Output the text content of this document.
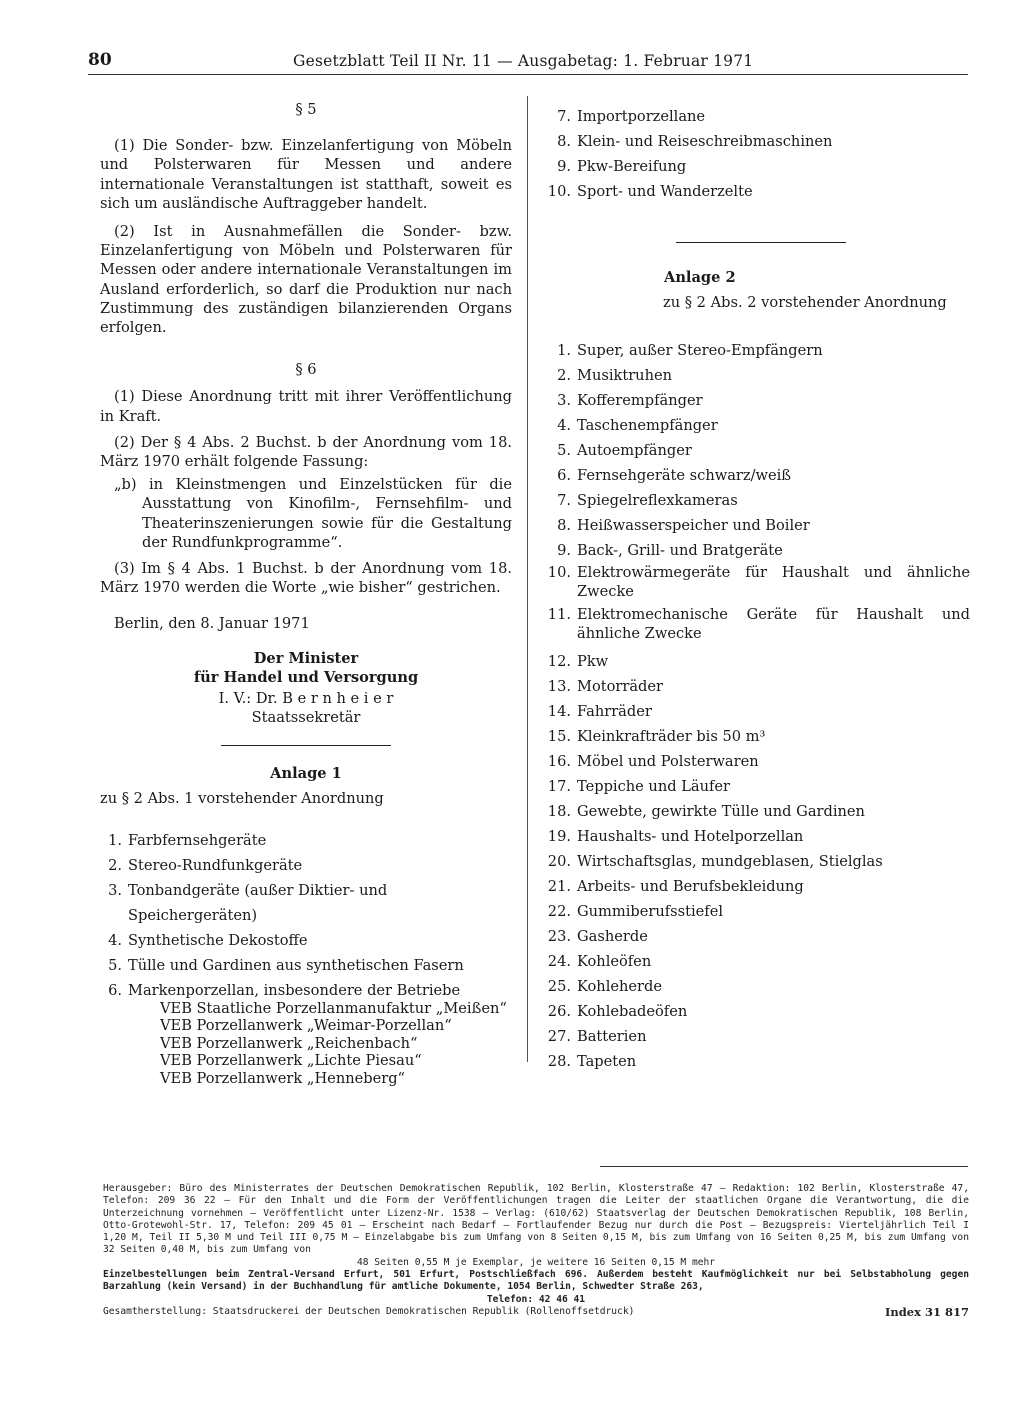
80	Gesetzblatt Teil II Nr. 11 — Ausgabetag: 1. Februar 1971
§ 5

(1) Die Sonder- bzw. Einzelanfertigung von Möbeln und Polsterwaren für Messen und andere internationale Veranstaltungen ist statthaft, soweit es sich um ausländische Auftraggeber handelt.

(2) Ist in Ausnahmefällen die Sonder- bzw. Einzelanfertigung von Möbeln und Polsterwaren für Messen oder andere internationale Veranstaltungen im Ausland erforderlich, so darf die Produktion nur nach Zustimmung des zuständigen bilanzierenden Organs erfolgen.

§ 6

(1) Diese Anordnung tritt mit ihrer Veröffentlichung in Kraft.

(2) Der § 4 Abs. 2 Buchst. b der Anordnung vom 18. März 1970 erhält folgende Fassung:

„b) in Kleinstmengen und Einzelstücken für die Ausstattung von Kinofilm-, Fernsehfilm- und Theaterinszenierungen sowie für die Gestaltung der Rundfunkprogramme“.

(3) Im § 4 Abs. 1 Buchst. b der Anordnung vom 18. März 1970 werden die Worte „wie bisher“ gestrichen.

Berlin, den 8. Januar 1971

Der Minister
für Handel und Versorgung
I. V.: Dr. B e r n h e i e r
Staatssekretär
Anlage 1
zu § 2 Abs. 1 vorstehender Anordnung
1. Farbfernsehgeräte
2. Stereo-Rundfunkgeräte
3. Tonbandgeräte (außer Diktier- und Speichergeräten)
4. Synthetische Dekostoffe
5. Tülle und Gardinen aus synthetischen Fasern
6. Markenporzellan, insbesondere der Betriebe
VEB Staatliche Porzellanmanufaktur „Meißen“
VEB Porzellanwerk „Weimar-Porzellan“
VEB Porzellanwerk „Reichenbach“
VEB Porzellanwerk „Lichte Piesau“
VEB Porzellanwerk „Henneberg“
7. Importporzellane
8. Klein- und Reiseschreibmaschinen
9. Pkw-Bereifung
10. Sport- und Wanderzelte
Anlage 2
zu § 2 Abs. 2 vorstehender Anordnung
1. Super, außer Stereo-Empfängern
2. Musiktruhen
3. Kofferempfänger
4. Taschenempfänger
5. Autoempfänger
6. Fernsehgeräte schwarz/weiß
7. Spiegelreflexkameras
8. Heißwasserspeicher und Boiler
9. Back-, Grill- und Bratgeräte
10. Elektrowärmegeräte für Haushalt und ähnliche Zwecke
11. Elektromechanische Geräte für Haushalt und ähnliche Zwecke
12. Pkw
13. Motorräder
14. Fahrräder
15. Kleinkrafträder bis 50 m³
16. Möbel und Polsterwaren
17. Teppiche und Läufer
18. Gewebte, gewirkte Tülle und Gardinen
19. Haushalts- und Hotelporzellan
20. Wirtschaftsglas, mundgeblasen, Stielglas
21. Arbeits- und Berufsbekleidung
22. Gummiberufsstiefel
23. Gasherde
24. Kohleöfen
25. Kohleherde
26. Kohlebadeöfen
27. Batterien
28. Tapeten

Herausgeber: Büro des Ministerrates der Deutschen Demokratischen Republik, 102 Berlin, Klosterstraße 47 — Redaktion: 102 Berlin, Klosterstraße 47, Telefon: 209 36 22 — Für den Inhalt und die Form der Veröffentlichungen tragen die Leiter der staatlichen Organe die Verantwortung, die die Unterzeichnung vornehmen — Veröffentlicht unter Lizenz-Nr. 1538 — Verlag: (610/62) Staatsverlag der Deutschen Demokratischen Republik, 108 Berlin, Otto-Grotewohl-Str. 17, Telefon: 209 45 01 — Erscheint nach Bedarf — Fortlaufender Bezug nur durch die Post — Bezugspreis: Vierteljährlich Teil I 1,20 M, Teil II 5,30 M und Teil III 0,75 M — Einzelabgabe bis zum Umfang von 8 Seiten 0,15 M, bis zum Umfang von 16 Seiten 0,25 M, bis zum Umfang von 32 Seiten 0,40 M, bis zum Umfang von

48 Seiten 0,55 M je Exemplar, je weitere 16 Seiten 0,15 M mehr

Einzelbestellungen beim Zentral-Versand Erfurt, 501 Erfurt, Postschließfach 696. Außerdem besteht Kaufmöglichkeit nur bei Selbstabholung gegen Barzahlung (kein Versand) in der Buchhandlung für amtliche Dokumente, 1054 Berlin, Schwedter Straße 263,

Telefon: 42 46 41

Gesamtherstellung: Staatsdruckerei der Deutschen Demokratischen Republik (Rollenoffsetdruck)	Index 31 817
